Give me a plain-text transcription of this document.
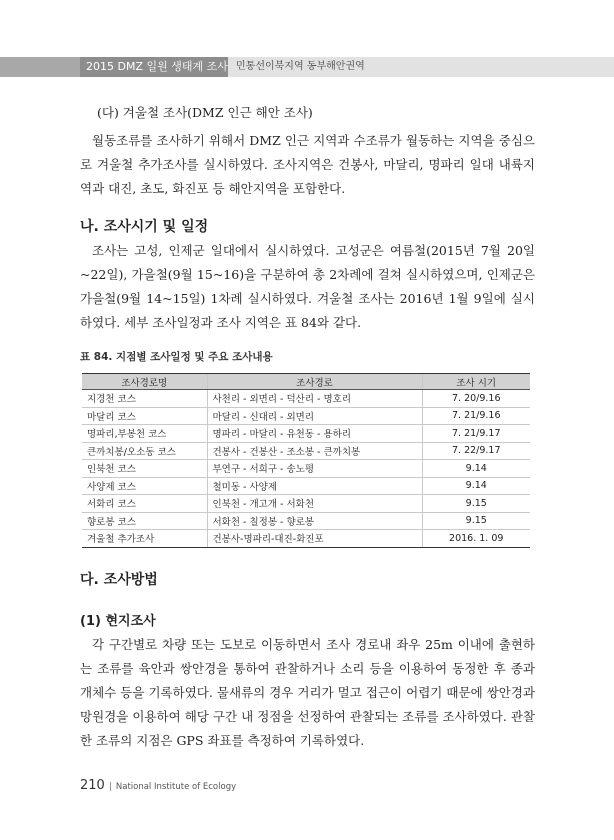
2015 DMZ 일원 생태계 조사 민통선이북지역 동부해안권역
(다) 겨울철 조사(DMZ 인근 해안 조사)

월동조류를 조사하기 위해서 DMZ 인근 지역과 수조류가 월동하는 지역을 중심으로 겨울철 추가조사를 실시하였다. 조사지역은 건봉사, 마달리, 명파리 일대 내륙지역과 대진, 초도, 화진포 등 해안지역을 포함한다.

나. 조사시기 및 일정

조사는 고성, 인제군 일대에서 실시하였다. 고성군은 여름철(2015년 7월 20일~22일), 가을철(9월 15~16)을 구분하여 총 2차례에 걸쳐 실시하였으며, 인제군은 가을철(9월 14~15일) 1차례 실시하였다. 겨울철 조사는 2016년 1월 9일에 실시하였다. 세부 조사일정과 조사 지역은 표 84와 같다.

표 84. 지점별 조사일정 및 주요 조사내용
조사경로명	조사경로	조사 시기
지경천 코스	사천리 - 외면리 - 덕산리 - 명호리	7. 20/9.16
마달리 코스	마달리 - 신대리 - 외면리	7. 21/9.16
명파리,부봉천 코스	명파리 - 마달리 - 유천동 - 용하리	7. 21/9.17
큰까치봉/오소동 코스	건봉사 - 건봉산 - 조소봉 - 큰까치봉	7. 22/9.17
인북천 코스	부연구 - 서희구 - 송노평	9.14
사양제 코스	철미동 - 사양제	9.14
서화리 코스	인북천 - 개고개 - 서화천	9.15
향로봉 코스	서화천 - 칠정봉 - 향로봉	9.15
겨울철 추가조사	건봉사-명파리-대진-화진포	2016. 1. 09
다. 조사방법
(1) 현지조사

각 구간별로 차량 또는 도보로 이동하면서 조사 경로내 좌우 25m 이내에 출현하는 조류를 육안과 쌍안경을 통하여 관찰하거나 소리 등을 이용하여 동정한 후 종과 개체수 등을 기록하였다. 물새류의 경우 거리가 멀고 접근이 어렵기 때문에 쌍안경과 망원경을 이용하여 해당 구간 내 정점을 선정하여 관찰되는 조류를 조사하였다. 관찰한 조류의 지점은 GPS 좌표를 측정하여 기록하였다.

210 | National Institute of Ecology
